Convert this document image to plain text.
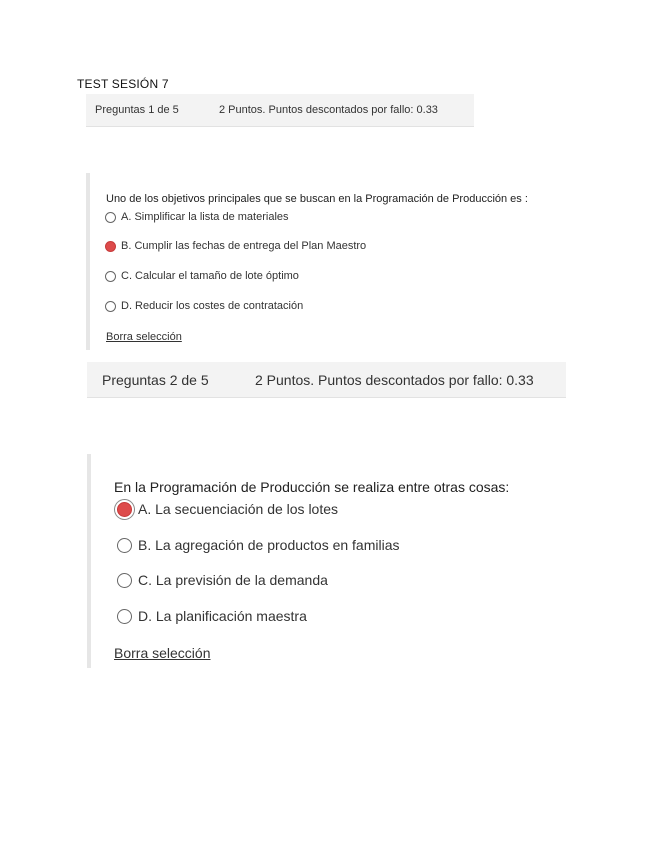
TEST SESIÓN 7
Preguntas 1 de 5	2 Puntos. Puntos descontados por fallo: 0.33
Uno de los objetivos principales que se buscan en la Programación de Producción es :
A. Simplificar la lista de materiales
B. Cumplir las fechas de entrega del Plan Maestro
C. Calcular el tamaño de lote óptimo
D. Reducir los costes de contratación
Borra selección
Preguntas 2 de 5	2 Puntos. Puntos descontados por fallo: 0.33
En la Programación de Producción se realiza entre otras cosas:
A. La secuenciación de los lotes
B. La agregación de productos en familias
C. La previsión de la demanda
D. La planificación maestra
Borra selección
